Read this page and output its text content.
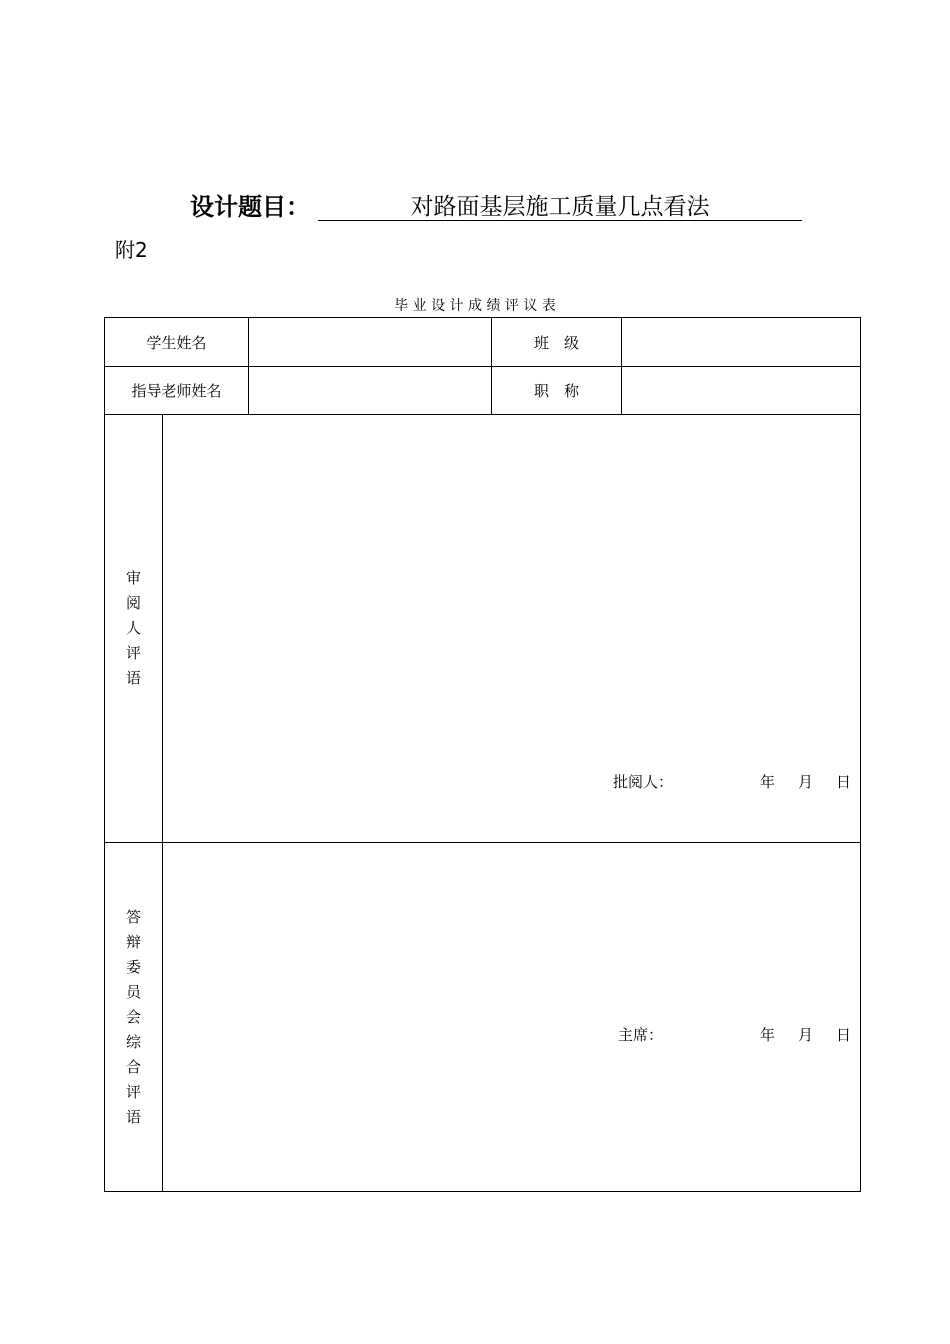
设计题目：	对路面基层施工质量几点看法
附2
毕 业 设 计 成 绩 评 议 表
学生姓名	班　级
指导老师姓名	职　称
审
阅
人
评
语
批阅人：	年 月 日
答
辩
委
员
会
综
合
评
语
主席：	年 月 日
